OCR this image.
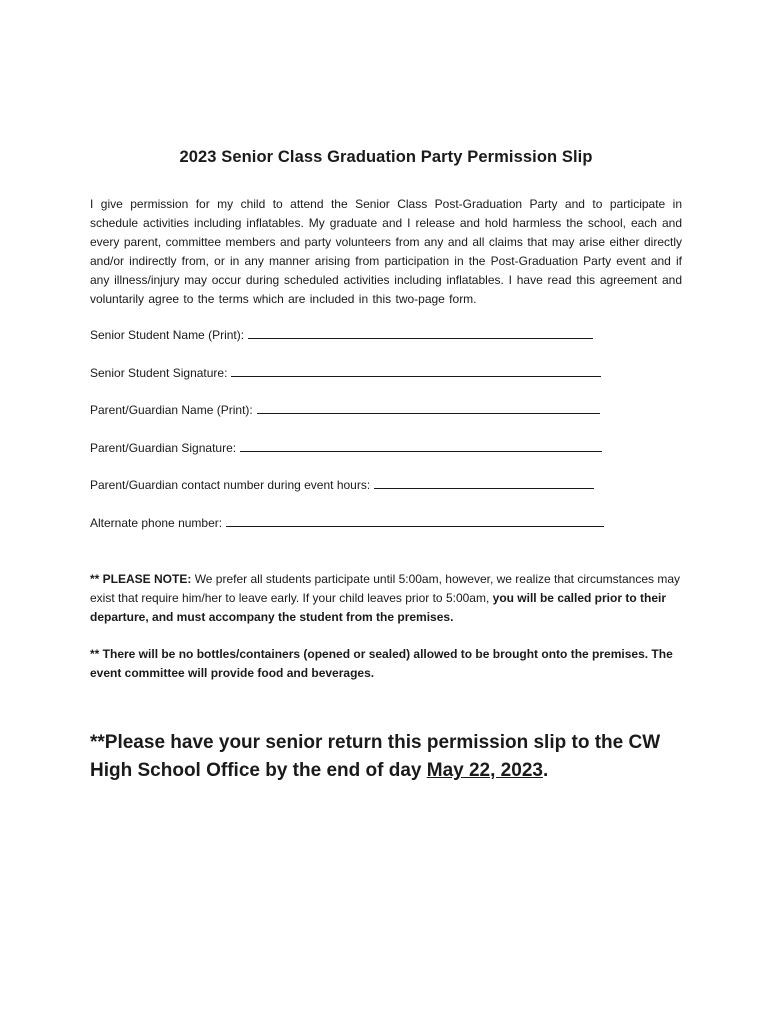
2023 Senior Class Graduation Party Permission Slip

I give permission for my child to attend the Senior Class Post-Graduation Party and to participate in schedule activities including inflatables. My graduate and I release and hold harmless the school, each and every parent, committee members and party volunteers from any and all claims that may arise either directly and/or indirectly from, or in any manner arising from participation in the Post-Graduation Party event and if any illness/injury may occur during scheduled activities including inflatables. I have read this agreement and voluntarily agree to the terms which are included in this two-page form.

Senior Student Name (Print):
Senior Student Signature:
Parent/Guardian Name (Print):
Parent/Guardian Signature:
Parent/Guardian contact number during event hours:
Alternate phone number:

** PLEASE NOTE: We prefer all students participate until 5:00am, however, we realize that circumstances may exist that require him/her to leave early. If your child leaves prior to 5:00am, you will be called prior to their departure, and must accompany the student from the premises.

** There will be no bottles/containers (opened or sealed) allowed to be brought onto the premises. The event committee will provide food and beverages.

**Please have your senior return this permission slip to the CW High School Office by the end of day May 22, 2023.
